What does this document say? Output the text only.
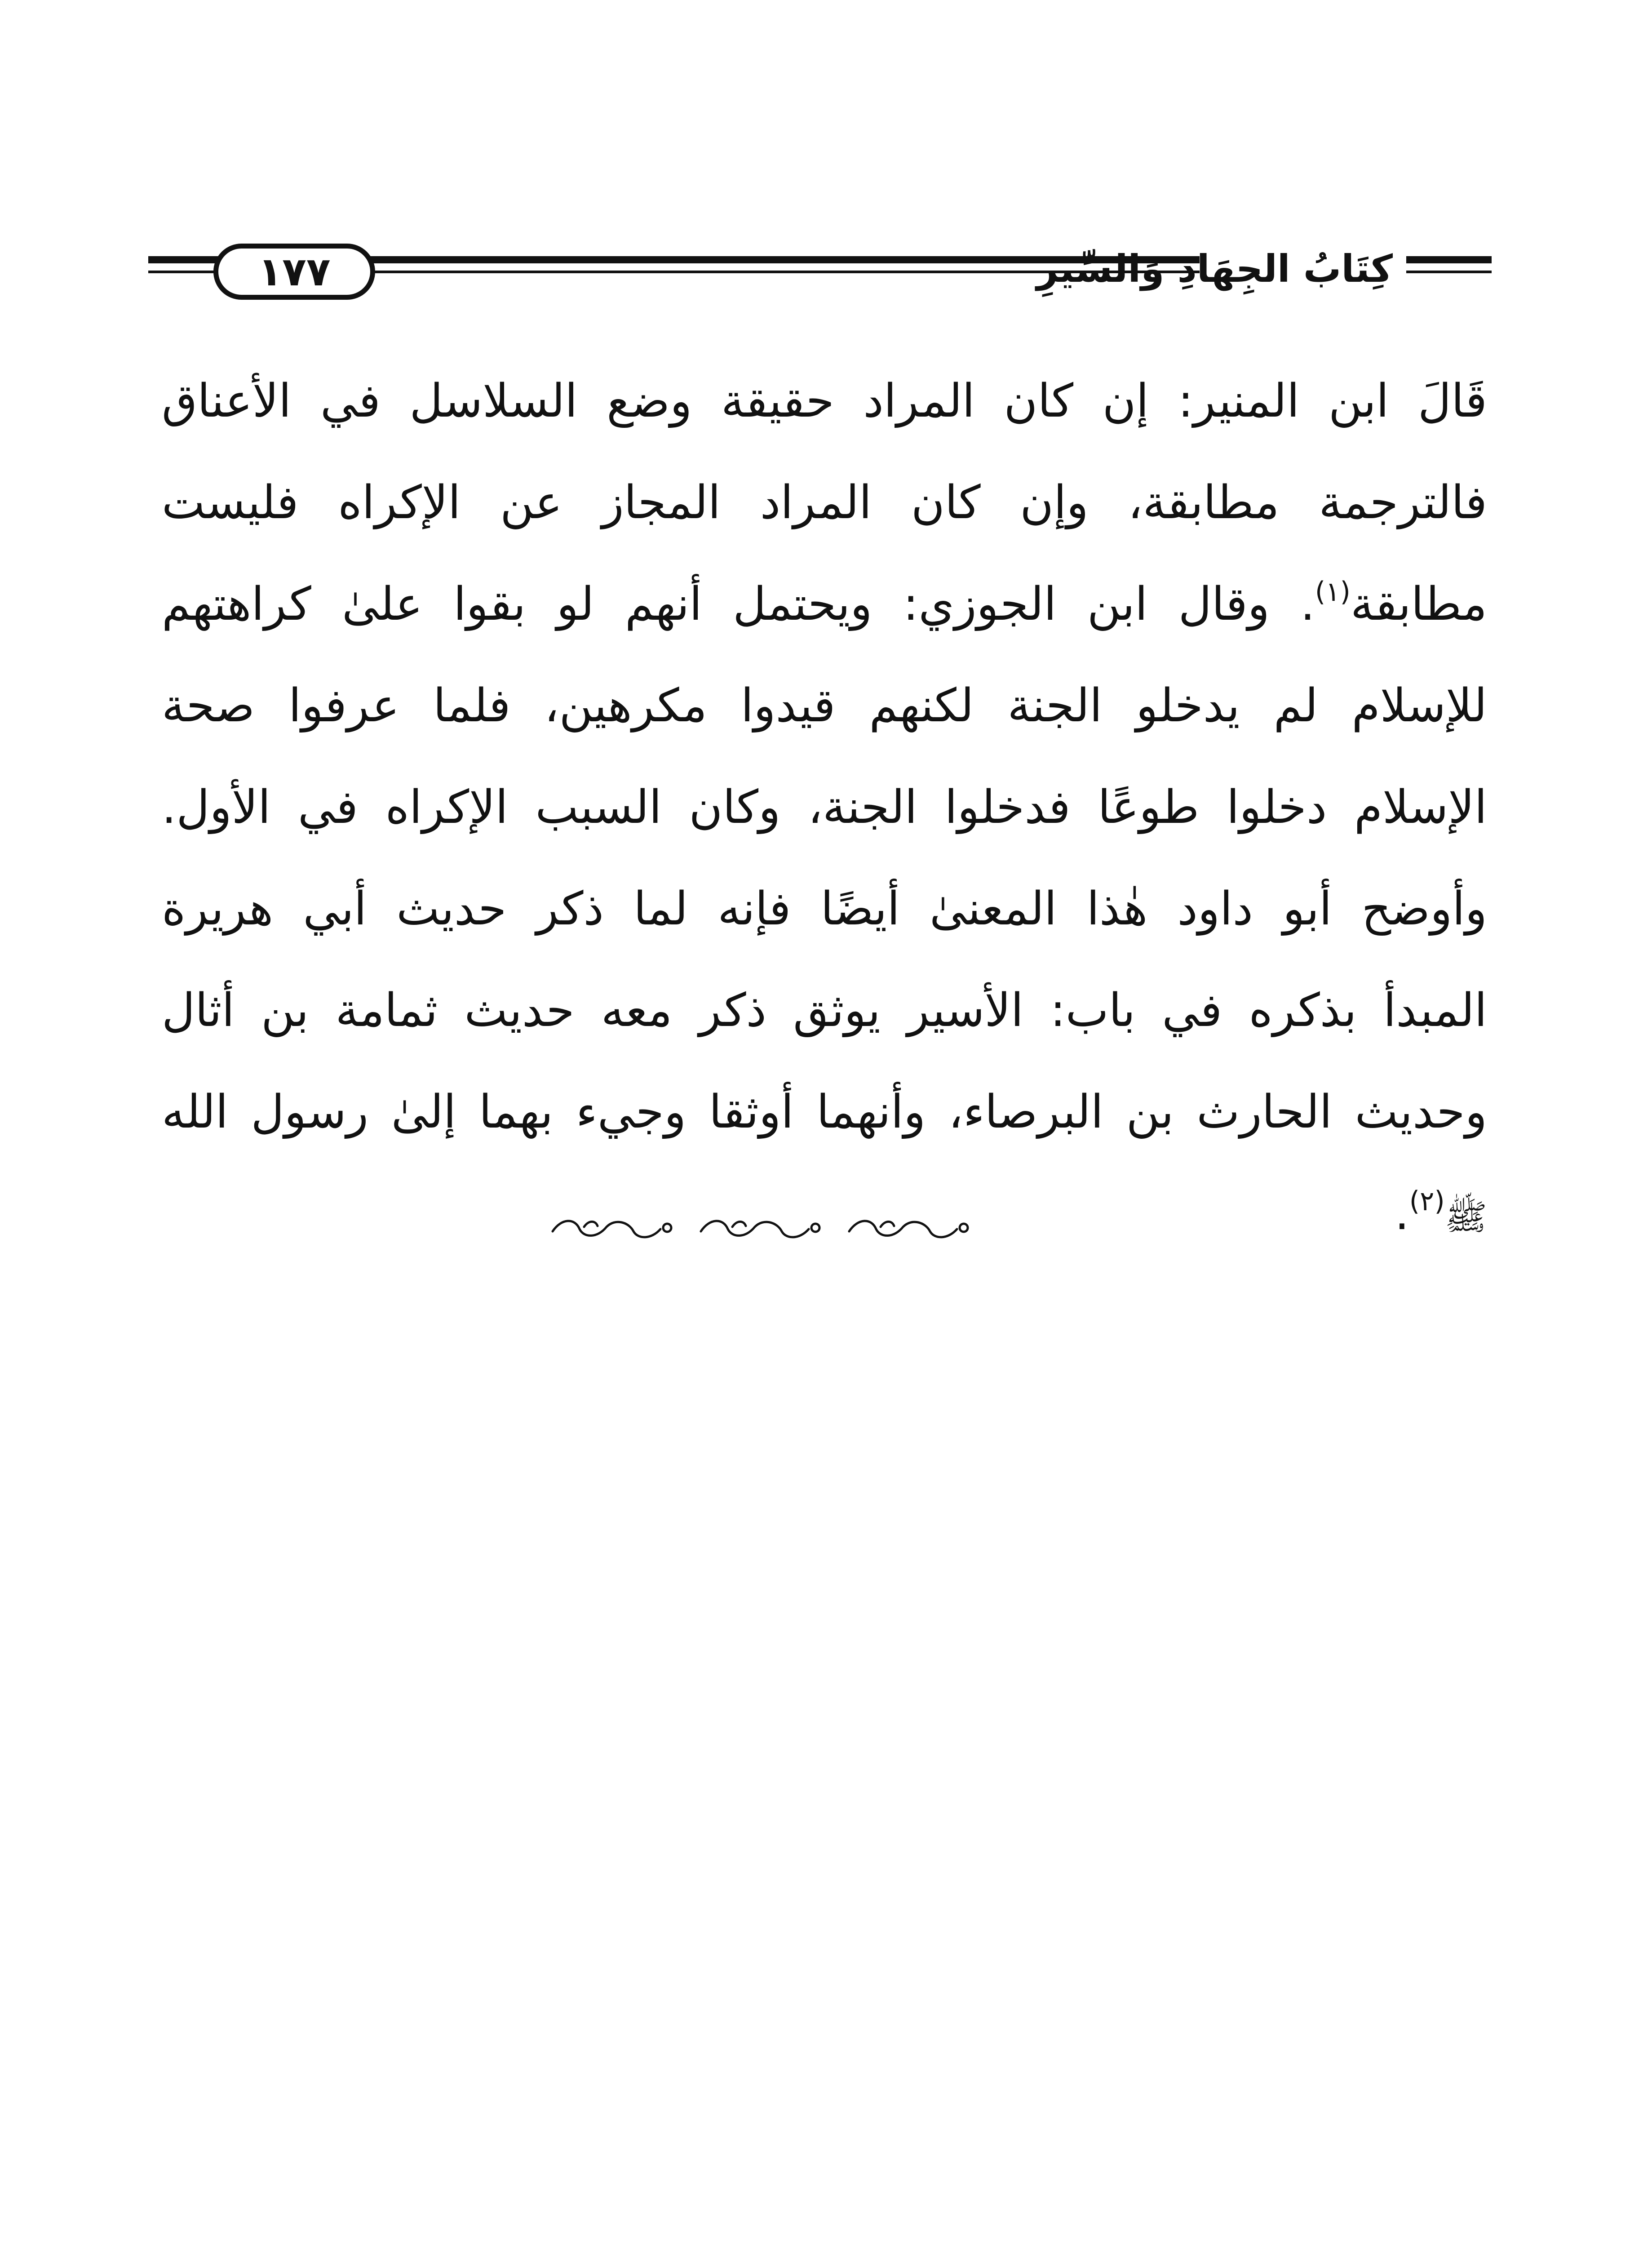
١٧٧	كِتَابُ الجِهَادِ وَالسِّيَرِ
قَالَ ابن المنير: إن كان المراد حقيقة وضع السلاسل في الأعناق
فالترجمة مطابقة، وإن كان المراد المجاز عن الإكراه فليست
مطابقة$^{(١)}$. وقال ابن الجوزي: ويحتمل أنهم لو بقوا علىٰ كراهتهم
للإسلام لم يدخلو الجنة لكنهم قيدوا مكرهين، فلما عرفوا صحة
الإسلام دخلوا طوعًا فدخلوا الجنة، وكان السبب الإكراه في الأول.
وأوضح أبو داود هٰذا المعنىٰ أيضًا فإنه لما ذكر حديث أبي هريرة
المبدأ بذكره في باب: الأسير يوثق ذكر معه حديث ثمامة بن أثال
وحديث الحارث بن البرصاء، وأنهما أوثقا وجيء بهما إلىٰ رسول الله
ﷺ$^{(٢)}$.
